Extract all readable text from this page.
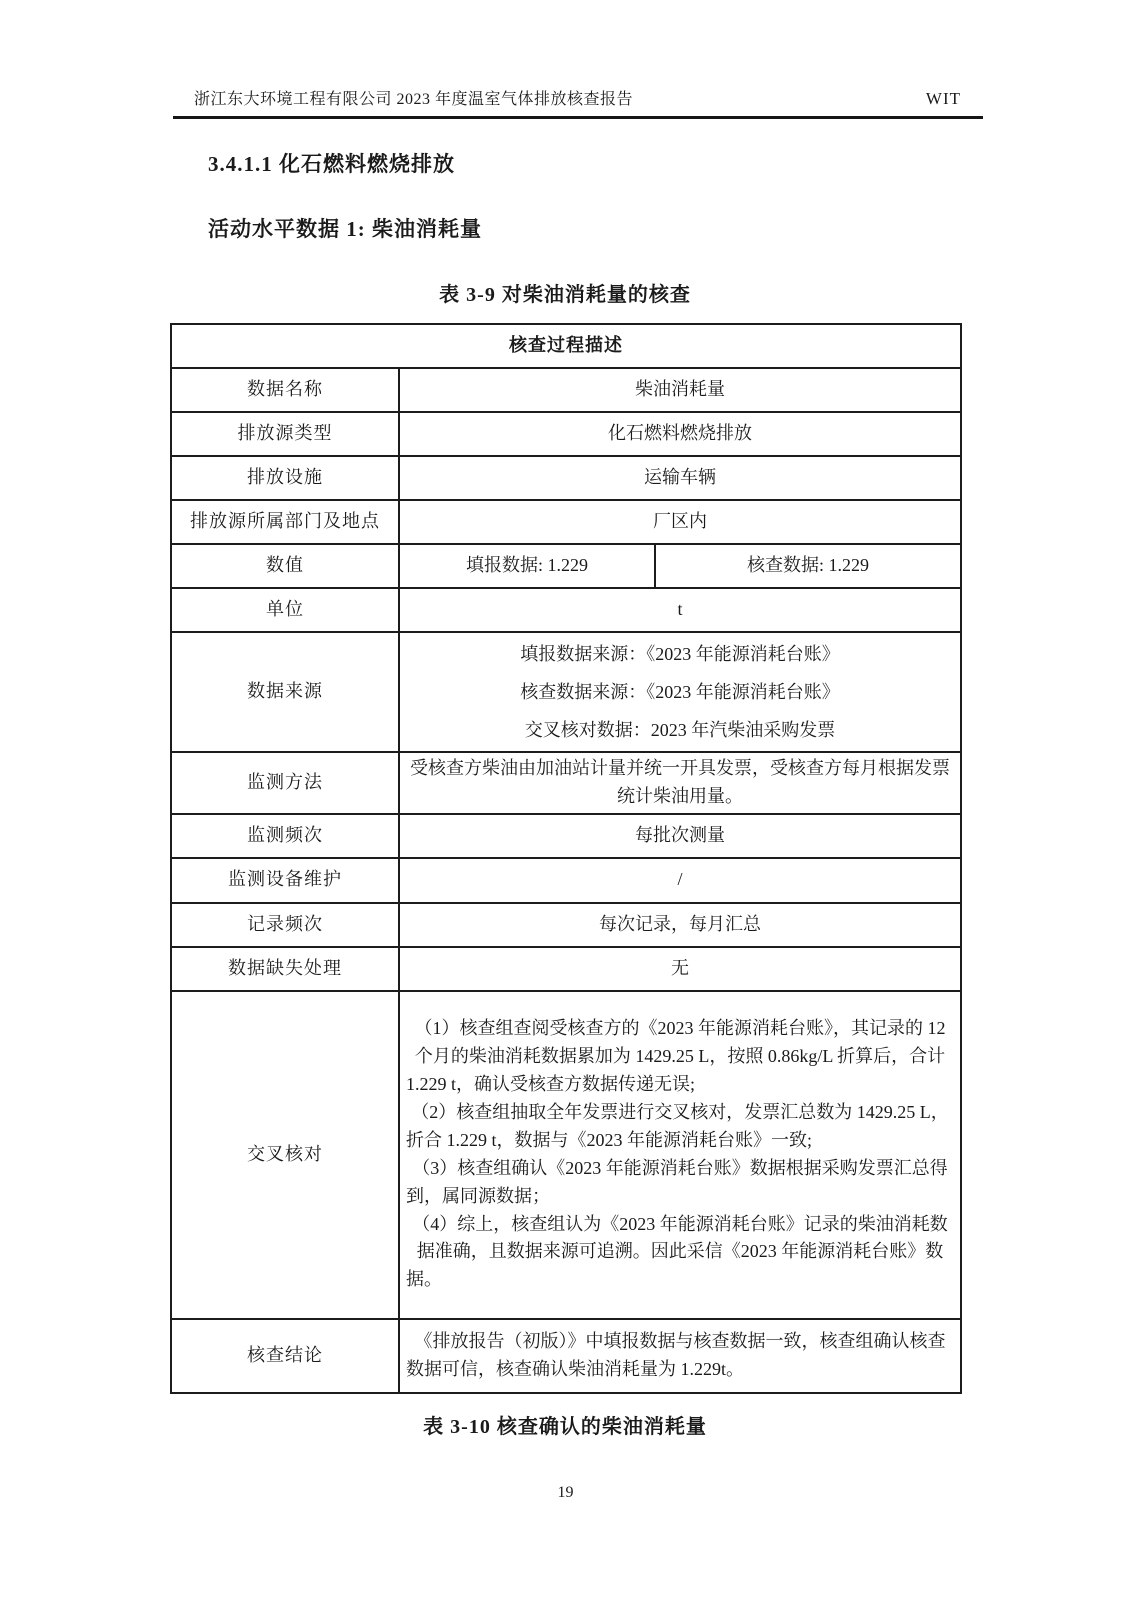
浙江东大环境工程有限公司 2023 年度温室气体排放核查报告	WIT
3.4.1.1 化石燃料燃烧排放
活动水平数据 1: 柴油消耗量
表 3-9 对柴油消耗量的核查
核查过程描述		
数据名称	柴油消耗量	
排放源类型	化石燃料燃烧排放	
排放设施	运输车辆	
排放源所属部门及地点	厂区内	
数值	填报数据: 1.229	核查数据: 1.229
单位	t	
数据来源	填报数据来源：《2023 年能源消耗台账》
核查数据来源：《2023 年能源消耗台账》
交叉核对数据：2023 年汽柴油采购发票	

监测方法	受核查方柴油由加油站计量并统一开具发票，受核查方每月根据发票统计柴油用量。	
监测频次	每批次测量	
监测设备维护	/	
记录频次	每次记录，每月汇总	
数据缺失处理	无	
交叉核对	（1）核查组查阅受核查方的《2023 年能源消耗台账》，其记录的 12 个月的柴油消耗数据累加为 1429.25 L，按照 0.86kg/L 折算后，合计 1.229 t，确认受核查方数据传递无误;
（2）核查组抽取全年发票进行交叉核对，发票汇总数为 1429.25 L，折合 1.229 t，数据与《2023 年能源消耗台账》一致;
（3）核查组确认《2023 年能源消耗台账》数据根据采购发票汇总得到，属同源数据；
（4）综上，核查组认为《2023 年能源消耗台账》记录的柴油消耗数据准确，且数据来源可追溯。因此采信《2023 年能源消耗台账》数据。	

核查结论	《排放报告（初版）》中填报数据与核查数据一致，核查组确认核查数据可信，核查确认柴油消耗量为 1.229t。	
表 3-10 核查确认的柴油消耗量
19
